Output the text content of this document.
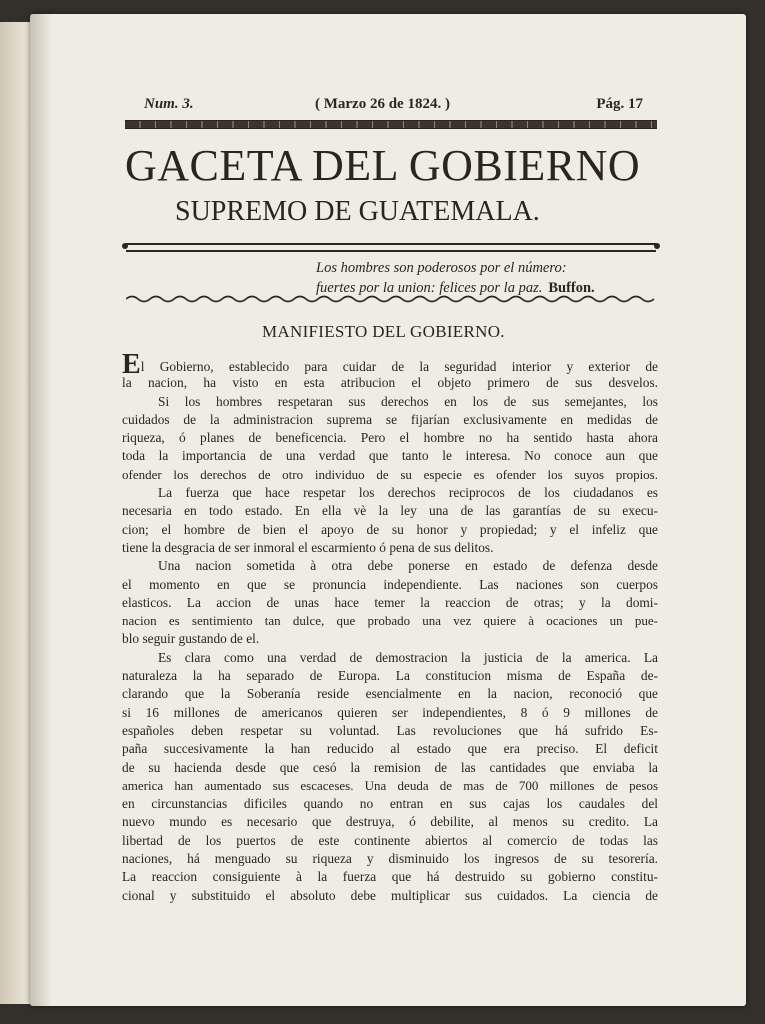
Num. 3.	( Marzo 26 de 1824. )	Pág. 17
GACETA DEL GOBIERNO
SUPREMO DE GUATEMALA.
Los hombres son poderosos por el número:
fuertes por la union: felices por la paz. Buffon.
MANIFIESTO DEL GOBIERNO.
El Gobierno, establecido para cuidar de la seguridad interior y exterior de
la nacion, ha visto en esta atribucion el objeto primero de sus desvelos.
Si los hombres respetaran sus derechos en los de sus semejantes, los
cuidados de la administracion suprema se fijarían exclusivamente en medidas de
riqueza, ó planes de beneficencia. Pero el hombre no ha sentido hasta ahora
toda la importancia de una verdad que tanto le interesa. No conoce aun que
ofender los derechos de otro individuo de su especie es ofender los suyos propios.
La fuerza que hace respetar los derechos reciprocos de los ciudadanos es
necesaria en todo estado. En ella vè la ley una de las garantías de su execu-
cion; el hombre de bien el apoyo de su honor y propiedad; y el infeliz que
tiene la desgracia de ser inmoral el escarmiento ó pena de sus delitos.
Una nacion sometida à otra debe ponerse en estado de defenza desde
el momento en que se pronuncia independiente. Las naciones son cuerpos
elasticos. La accion de unas hace temer la reaccion de otras; y la domi-
nacion es sentimiento tan dulce, que probado una vez quiere à ocaciones un pue-
blo seguir gustando de el.
Es clara como una verdad de demostracion la justicia de la america. La
naturaleza la ha separado de Europa. La constitucion misma de España de-
clarando que la Soberanía reside esencialmente en la nacion, reconoció que
si 16 millones de americanos quieren ser independientes, 8 ó 9 millones de
españoles deben respetar su voluntad. Las revoluciones que há sufrido Es-
paña succesivamente la han reducido al estado que era preciso. El deficit
de su hacienda desde que cesó la remision de las cantidades que enviaba la
america han aumentado sus escaceses. Una deuda de mas de 700 millones de pesos
en circunstancias dificiles quando no entran en sus cajas los caudales del
nuevo mundo es necesario que destruya, ó debilite, al menos su credito. La
libertad de los puertos de este continente abiertos al comercio de todas las
naciones, há menguado su riqueza y disminuido los ingresos de su tesorería.
La reaccion consiguiente à la fuerza que há destruido su gobierno constitu-
cional y substituido el absoluto debe multiplicar sus cuidados. La ciencia de
